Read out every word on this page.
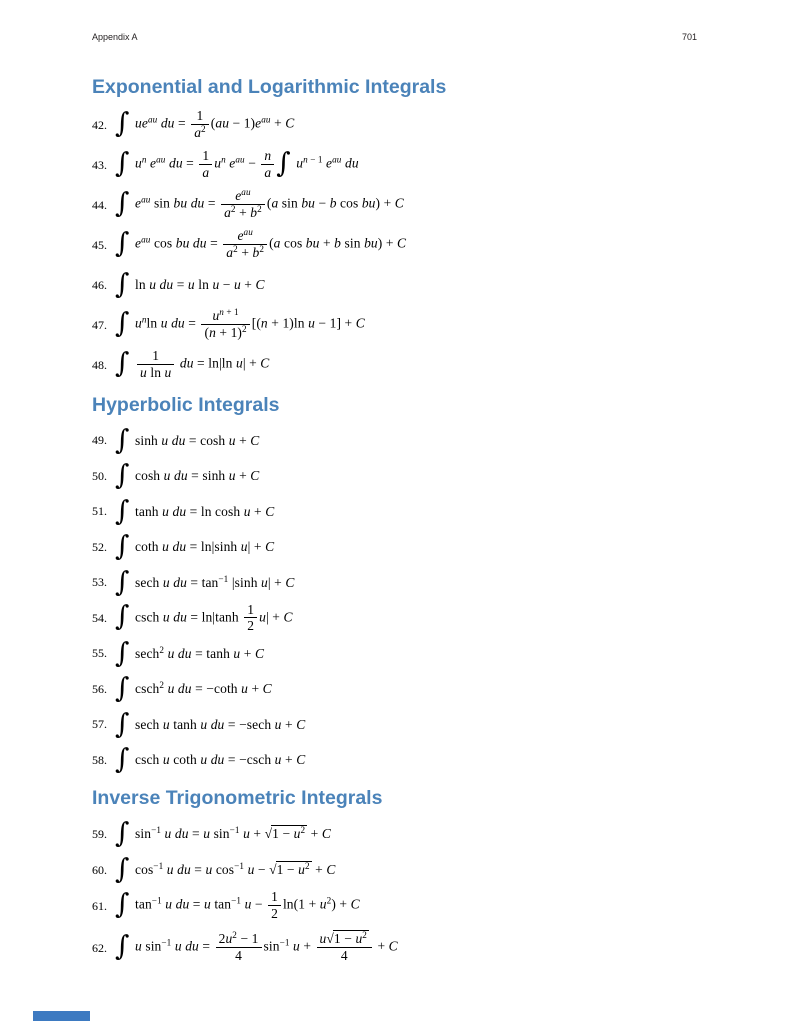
Appendix A	701
Exponential and Logarithmic Integrals
42. ∫ $ue^{au}$ du = $\frac{1}{a^2} (au - 1)e^{au} + C$
43. ∫ $u^n$ $e^{au}$ du = $\frac{1}{a} u^n$ $e^{au} - \frac{n}{a}$ ∫ $u^{n - 1}$ $e^{au}$ du
44. ∫ $e^{au}$ sin bu du = $\frac{e^{au}}{a^2 + b^2} (a$ sin bu − b cos bu) + C
45. ∫ $e^{au}$ cos bu du = $\frac{e^{au}}{a^2 + b^2} (a$ cos bu + b sin bu) + C
46. ∫ ln u du = u ln u − u + C
47. ∫ $u^n\ln$ u du = $\frac{u^{n + 1}}{(n + 1)^2} [(n + 1)\ln$ u − 1] + C
48. ∫ $\frac{1}{\text{u ln u}}$ du = ln|ln u| + C
Hyperbolic Integrals
49. ∫ sinh u du = cosh u + C
50. ∫ cosh u du = sinh u + C
51. ∫ tanh u du = ln cosh u + C
52. ∫ coth u du = ln|sinh u| + C
53. ∫ sech u du = $\tan^{-1} |\sinh$ u| + C
54. ∫ csch u du = $\ln|\tanh \frac{1}{2} u| + C$
55. ∫ sech$^2$ u du = tanh u + C
56. ∫ csch$^2$ u du = −coth u + C
57. ∫ sech u tanh u du = −sech u + C
58. ∫ csch u coth u du = −csch u + C
Inverse Trigonometric Integrals
59. ∫ $\sin^{-1} u$ du = u $\sin^{-1} u + √1 - u^2 + C$
60. ∫ $\cos^{-1} u$ du = u $\cos^{-1} u - √1 - u^2 + C$
61. ∫ $\tan^{-1} u$ du = u $\tan^{-1} u - \frac{1}{2} \ln(1 + u^2) + C$
62. ∫ u $\sin^{-1} u$ du = $\frac{2u^2 - 1}{4} \sin^{-1} u + \frac{u√1 - u^2}{4} + C$
